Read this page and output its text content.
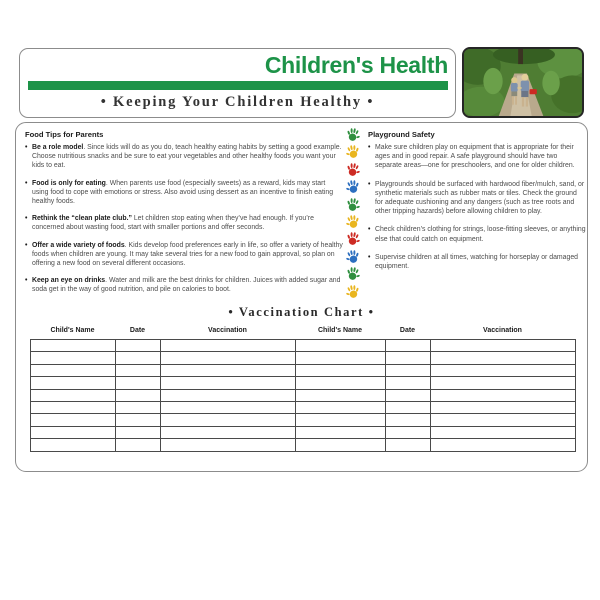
Children's Health
• Keeping Your Children Healthy •
Food Tips for Parents
• Be a role model. Since kids will do as you do, teach healthy eating habits by setting a good example. Choose nutritious snacks and be sure to eat your vegetables and other healthy foods you want your kids to eat.
• Food is only for eating. When parents use food (especially sweets) as a reward, kids may start using food to cope with emotions or stress. Also avoid using dessert as an incentive to finish eating healthy foods.
• Rethink the “clean plate club.” Let children stop eating when they’ve had enough. If you’re concerned about wasting food, start with smaller portions and offer seconds.
• Offer a wide variety of foods. Kids develop food preferences early in life, so offer a variety of healthy foods when children are young. It may take several tries for a new food to gain approval, so plan on offering a new food on several different occasions.
• Keep an eye on drinks. Water and milk are the best drinks for children. Juices with added sugar and soda get in the way of good nutrition, and pile on calories to boot.
Playground Safety
• Make sure children play on equipment that is appropriate for their ages and in good repair. A safe playground should have two separate areas—one for preschoolers, and one for older children.
• Playgrounds should be surfaced with hardwood fiber/mulch, sand, or synthetic materials such as rubber mats or tiles. Check the ground for adequate cushioning and any dangers (such as tree roots and other tripping hazards) before allowing children to play.
• Check children’s clothing for strings, loose-fitting sleeves, or anything else that could catch on equipment.
• Supervise children at all times, watching for horseplay or damaged equipment.
• Vaccination Chart •
Child's Name	Date	Vaccination	Child's Name	Date	Vaccination
